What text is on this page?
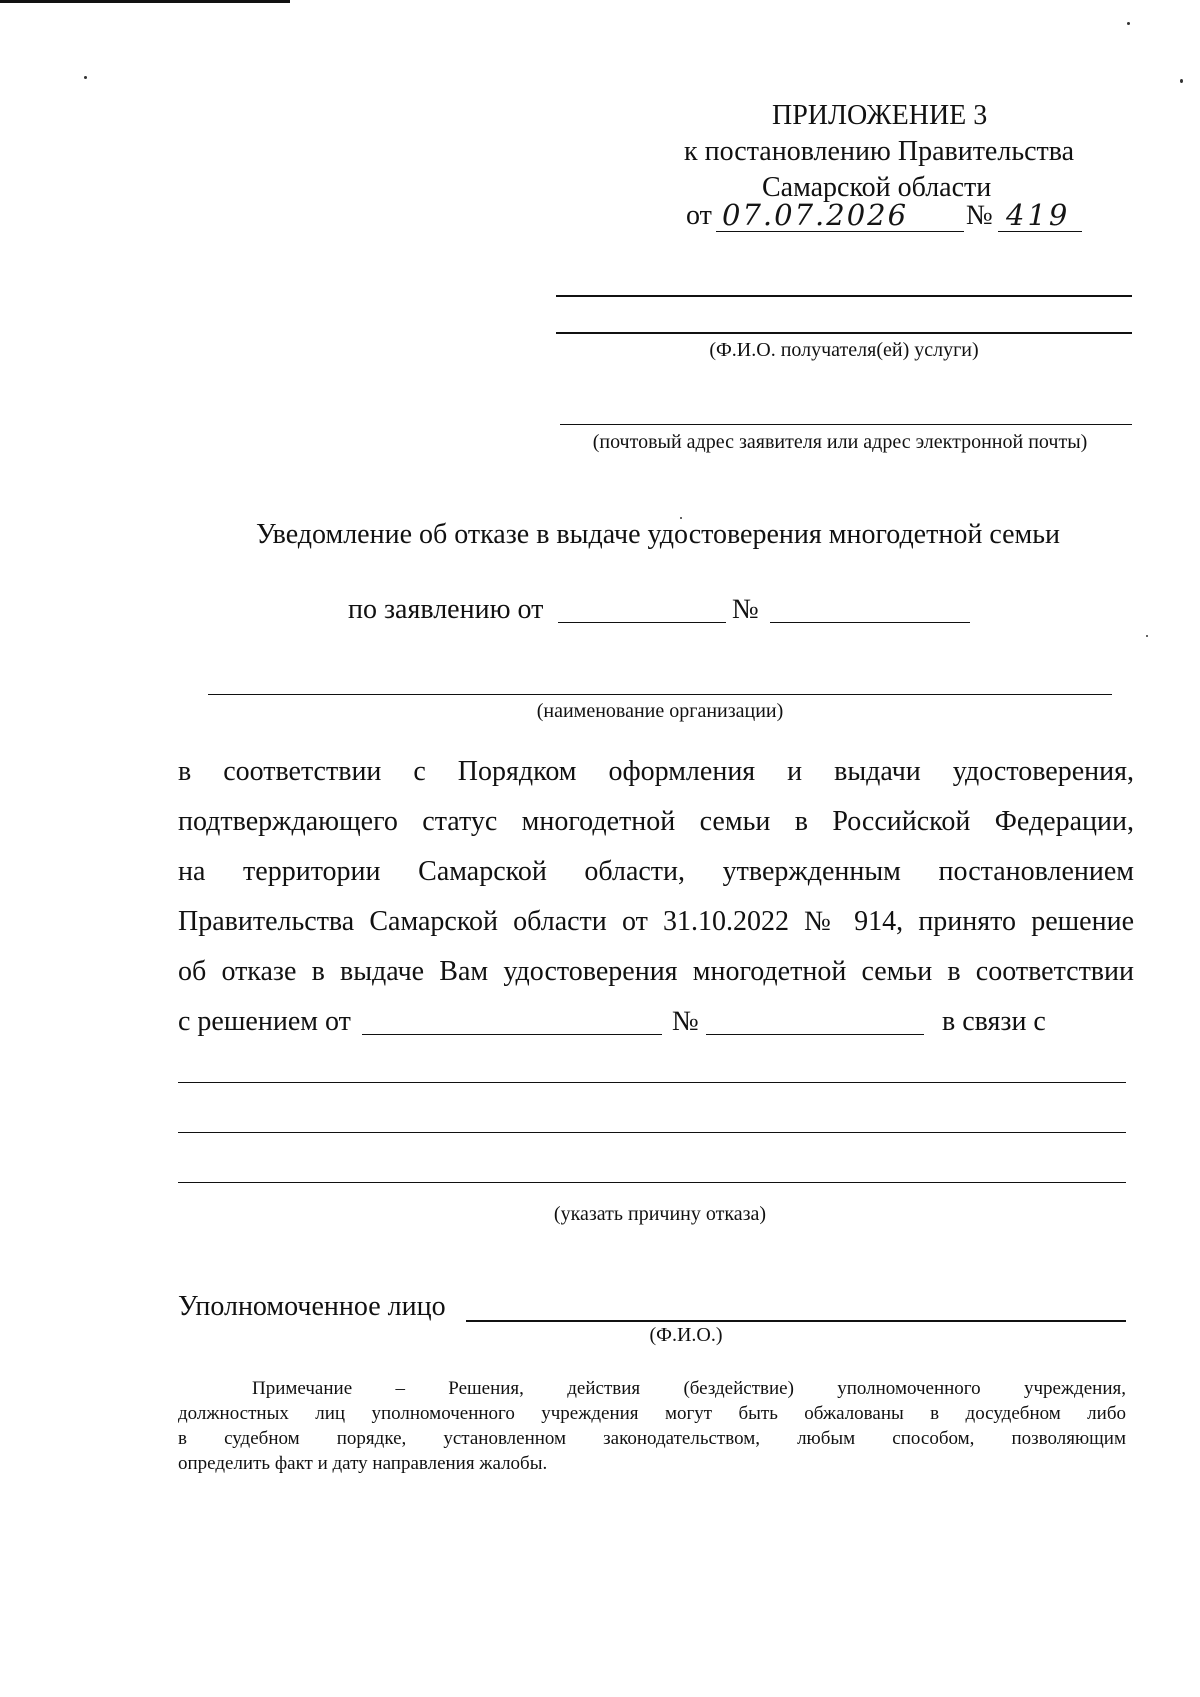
ПРИЛОЖЕНИЕ 3
к постановлению Правительства
Самарской области
от 07.07.2026 № 419
(Ф.И.О. получателя(ей) услуги)
(почтовый адрес заявителя или адрес электронной почты)
Уведомление об отказе в выдаче удостоверения многодетной семьи
по заявлению от	№
(наименование организации)
в соответствии с Порядком оформления и выдачи удостоверения,
подтверждающего статус многодетной семьи в Российской Федерации,
на территории Самарской области, утвержденным постановлением
Правительства Самарской области от 31.10.2022 № 914, принято решение
об отказе в выдаче Вам удостоверения многодетной семьи в соответствии
с решением от	№	в связи с
(указать причину отказа)
Уполномоченное лицо
(Ф.И.О.)
Примечание – Решения, действия (бездействие) уполномоченного учреждения,
должностных лиц уполномоченного учреждения могут быть обжалованы в досудебном либо
в судебном порядке, установленном законодательством, любым способом, позволяющим
определить факт и дату направления жалобы.
